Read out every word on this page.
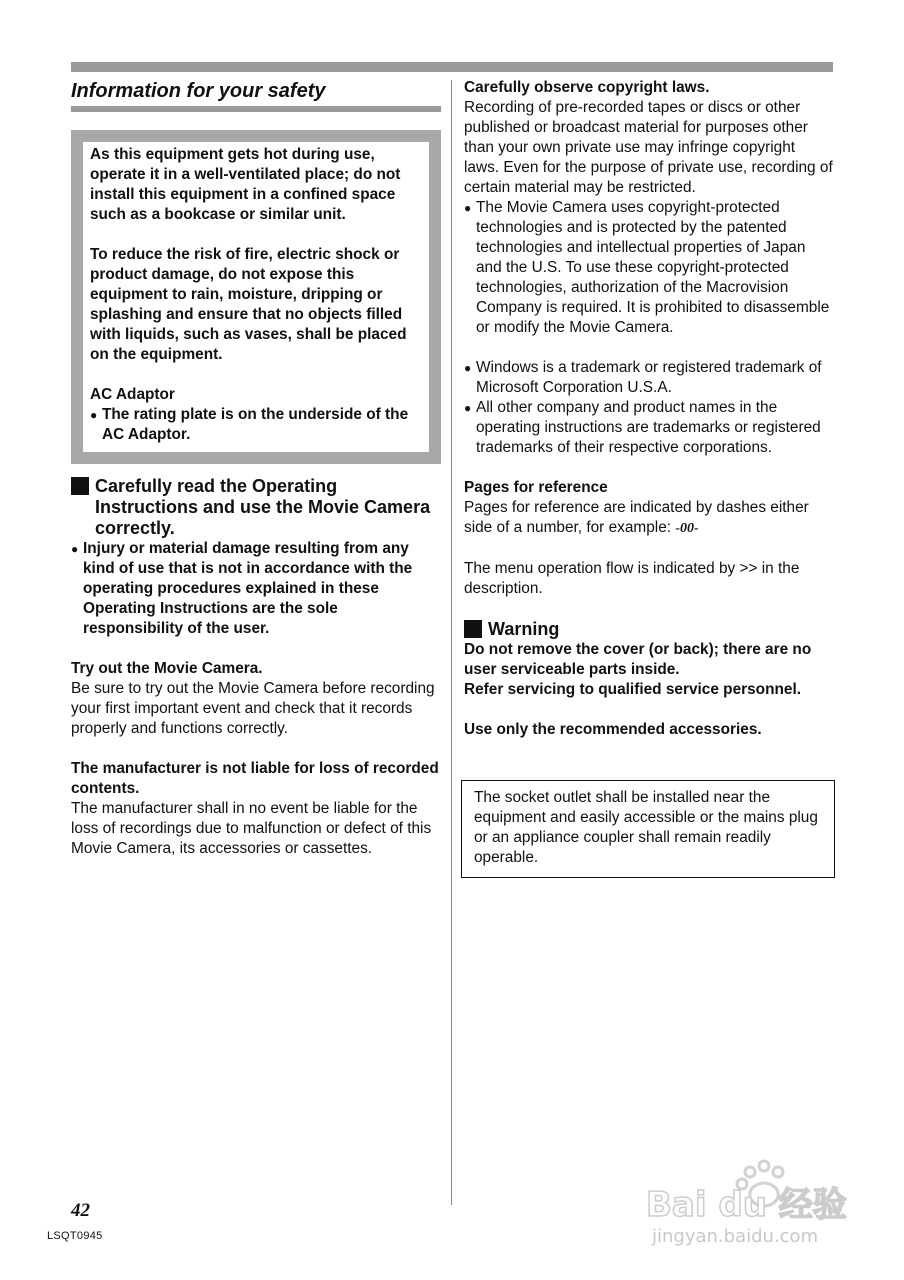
Information for your safety

As this equipment gets hot during use, operate it in a well-ventilated place; do not install this equipment in a confined space such as a bookcase or similar unit.

To reduce the risk of fire, electric shock or product damage, do not expose this equipment to rain, moisture, dripping or splashing and ensure that no objects filled with liquids, such as vases, shall be placed on the equipment.

AC Adaptor

● The rating plate is on the underside of the AC Adaptor.
Carefully read the Operating Instructions and use the Movie Camera correctly.
● Injury or material damage resulting from any kind of use that is not in accordance with the operating procedures explained in these Operating Instructions are the sole responsibility of the user.

Try out the Movie Camera.

Be sure to try out the Movie Camera before recording your first important event and check that it records properly and functions correctly.

The manufacturer is not liable for loss of recorded contents.

The manufacturer shall in no event be liable for the loss of recordings due to malfunction or defect of this Movie Camera, its accessories or cassettes.

Carefully observe copyright laws.

Recording of pre-recorded tapes or discs or other published or broadcast material for purposes other than your own private use may infringe copyright laws. Even for the purpose of private use, recording of certain material may be restricted.

● The Movie Camera uses copyright-protected technologies and is protected by the patented technologies and intellectual properties of Japan and the U.S. To use these copyright-protected technologies, authorization of the Macrovision Company is required. It is prohibited to disassemble or modify the Movie Camera.
● Windows is a trademark or registered trademark of Microsoft Corporation U.S.A.
● All other company and product names in the operating instructions are trademarks or registered trademarks of their respective corporations.

Pages for reference

Pages for reference are indicated by dashes either side of a number, for example: -00-

The menu operation flow is indicated by >> in the description.

Warning

Do not remove the cover (or back); there are no user serviceable parts inside.

Refer servicing to qualified service personnel.

Use only the recommended accessories.

The socket outlet shall be installed near the equipment and easily accessible or the mains plug or an appliance coupler shall remain readily operable.

42
LSQT0945
Bai du 经验
jingyan.baidu.com
